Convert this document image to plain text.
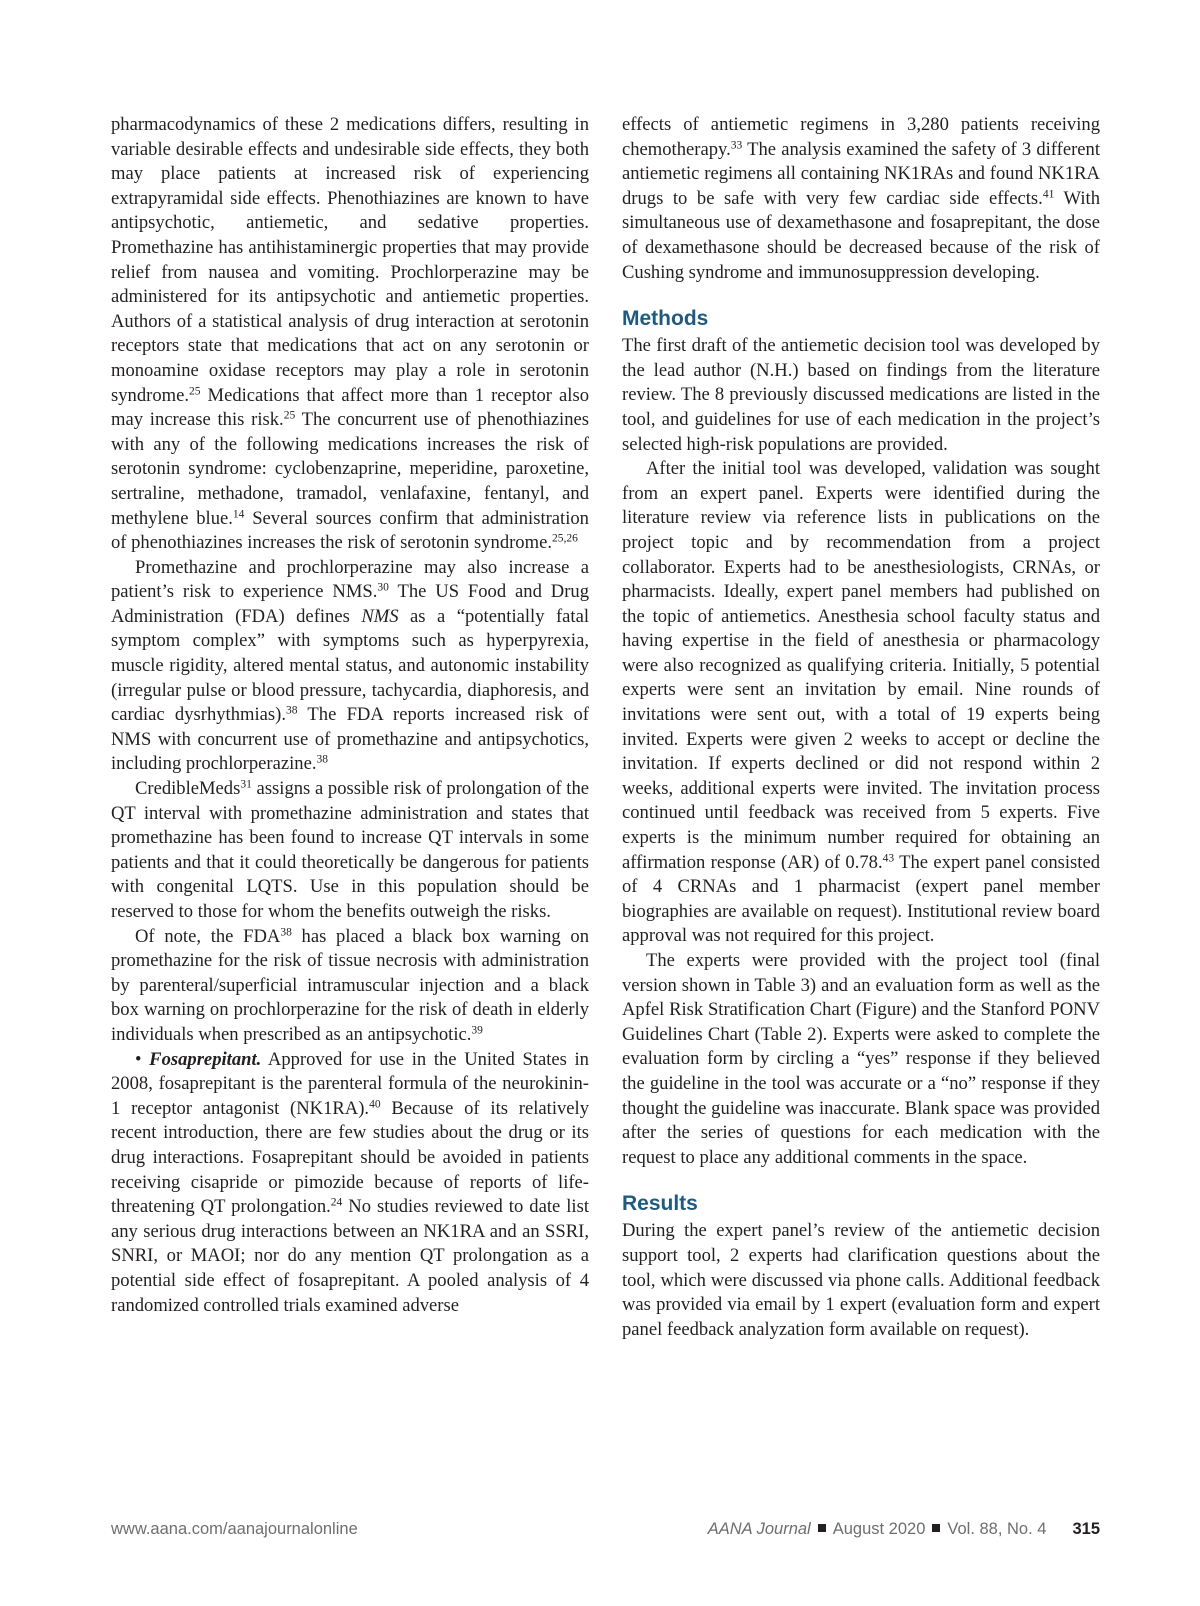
pharmacodynamics of these 2 medications differs, resulting in variable desirable effects and undesirable side effects, they both may place patients at increased risk of experiencing extrapyramidal side effects. Phenothiazines are known to have antipsychotic, antiemetic, and sedative properties. Promethazine has antihistaminergic properties that may provide relief from nausea and vomiting. Prochlorperazine may be administered for its antipsychotic and antiemetic properties. Authors of a statistical analysis of drug interaction at serotonin receptors state that medications that act on any serotonin or monoamine oxidase receptors may play a role in serotonin syndrome.$^{25}$ Medications that affect more than 1 receptor also may increase this risk.$^{25}$ The concurrent use of phenothiazines with any of the following medications increases the risk of serotonin syndrome: cyclobenzaprine, meperidine, paroxetine, sertraline, methadone, tramadol, venlafaxine, fentanyl, and methylene blue.$^{14}$ Several sources confirm that administration of phenothiazines increases the risk of serotonin syndrome.$^{25,26}$

Promethazine and prochlorperazine may also increase a patient’s risk to experience NMS.$^{30}$ The US Food and Drug Administration (FDA) defines NMS as a “potentially fatal symptom complex” with symptoms such as hyperpyrexia, muscle rigidity, altered mental status, and autonomic instability (irregular pulse or blood pressure, tachycardia, diaphoresis, and cardiac dysrhythmias).$^{38}$ The FDA reports increased risk of NMS with concurrent use of promethazine and antipsychotics, including prochlorperazine.$^{38}$

CredibleMeds$^{31}$ assigns a possible risk of prolongation of the QT interval with promethazine administration and states that promethazine has been found to increase QT intervals in some patients and that it could theoretically be dangerous for patients with congenital LQTS. Use in this population should be reserved to those for whom the benefits outweigh the risks.

Of note, the FDA$^{38}$ has placed a black box warning on promethazine for the risk of tissue necrosis with administration by parenteral/superficial intramuscular injection and a black box warning on prochlorperazine for the risk of death in elderly individuals when prescribed as an antipsychotic.$^{39}$

• Fosaprepitant. Approved for use in the United States in 2008, fosaprepitant is the parenteral formula of the neurokinin-1 receptor antagonist (NK1RA).$^{40}$ Because of its relatively recent introduction, there are few studies about the drug or its drug interactions. Fosaprepitant should be avoided in patients receiving cisapride or pimozide because of reports of life-threatening QT prolongation.$^{24}$ No studies reviewed to date list any serious drug interactions between an NK1RA and an SSRI, SNRI, or MAOI; nor do any mention QT prolongation as a potential side effect of fosaprepitant. A pooled analysis of 4 randomized controlled trials examined adverse

effects of antiemetic regimens in 3,280 patients receiving chemotherapy.$^{33}$ The analysis examined the safety of 3 different antiemetic regimens all containing NK1RAs and found NK1RA drugs to be safe with very few cardiac side effects.$^{41}$ With simultaneous use of dexamethasone and fosaprepitant, the dose of dexamethasone should be decreased because of the risk of Cushing syndrome and immunosuppression developing.

Methods

The first draft of the antiemetic decision tool was developed by the lead author (N.H.) based on findings from the literature review. The 8 previously discussed medications are listed in the tool, and guidelines for use of each medication in the project’s selected high-risk populations are provided.

After the initial tool was developed, validation was sought from an expert panel. Experts were identified during the literature review via reference lists in publications on the project topic and by recommendation from a project collaborator. Experts had to be anesthesiologists, CRNAs, or pharmacists. Ideally, expert panel members had published on the topic of antiemetics. Anesthesia school faculty status and having expertise in the field of anesthesia or pharmacology were also recognized as qualifying criteria. Initially, 5 potential experts were sent an invitation by email. Nine rounds of invitations were sent out, with a total of 19 experts being invited. Experts were given 2 weeks to accept or decline the invitation. If experts declined or did not respond within 2 weeks, additional experts were invited. The invitation process continued until feedback was received from 5 experts. Five experts is the minimum number required for obtaining an affirmation response (AR) of 0.78.43 The expert panel consisted of 4 CRNAs and 1 pharmacist (expert panel member biographies are available on request). Institutional review board approval was not required for this project.

The experts were provided with the project tool (final version shown in Table 3) and an evaluation form as well as the Apfel Risk Stratification Chart (Figure) and the Stanford PONV Guidelines Chart (Table 2). Experts were asked to complete the evaluation form by circling a “yes” response if they believed the guideline in the tool was accurate or a “no” response if they thought the guideline was inaccurate. Blank space was provided after the series of questions for each medication with the request to place any additional comments in the space.

Results

During the expert panel’s review of the antiemetic decision support tool, 2 experts had clarification questions about the tool, which were discussed via phone calls. Additional feedback was provided via email by 1 expert (evaluation form and expert panel feedback analyzation form available on request).

www.aana.com/aanajournalonline	AANA Journal August 2020 Vol. 88, No. 4 315
